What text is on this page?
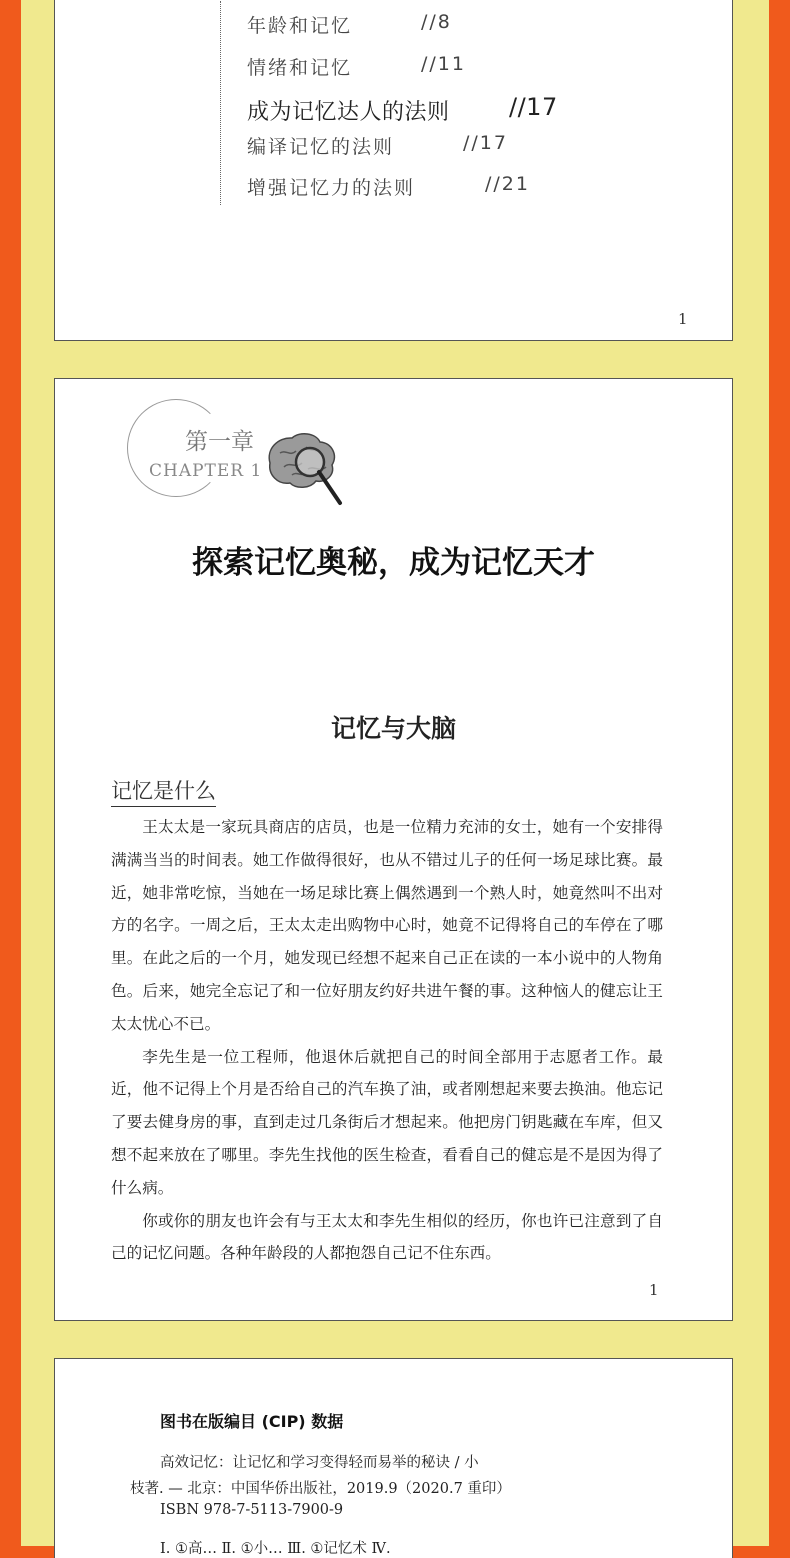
年龄和记忆	//8
情绪和记忆	//11
成为记忆达人的法则 //17
编译记忆的法则	//17
增强记忆力的法则	//21
1
第一章
CHAPTER 1
探索记忆奥秘，成为记忆天才
记忆与大脑
记忆是什么

王太太是一家玩具商店的店员，也是一位精力充沛的女士，她有一个安排得满满当当的时间表。她工作做得很好，也从不错过儿子的任何一场足球比赛。最近，她非常吃惊，当她在一场足球比赛上偶然遇到一个熟人时，她竟然叫不出对方的名字。一周之后，王太太走出购物中心时，她竟不记得将自己的车停在了哪里。在此之后的一个月，她发现已经想不起来自己正在读的一本小说中的人物角色。后来，她完全忘记了和一位好朋友约好共进午餐的事。这种恼人的健忘让王太太忧心不已。

李先生是一位工程师，他退休后就把自己的时间全部用于志愿者工作。最近，他不记得上个月是否给自己的汽车换了油，或者刚想起来要去换油。他忘记了要去健身房的事，直到走过几条街后才想起来。他把房门钥匙藏在车库，但又想不起来放在了哪里。李先生找他的医生检查，看看自己的健忘是不是因为得了什么病。

你或你的朋友也许会有与王太太和李先生相似的经历，你也许已注意到了自己的记忆问题。各种年龄段的人都抱怨自己记不住东西。

1
图书在版编目 (CIP) 数据
高效记忆：让记忆和学习变得轻而易举的秘诀 / 小
枝著. — 北京：中国华侨出版社，2019.9（2020.7 重印）
ISBN 978-7-5113-7900-9
Ⅰ. ①高… Ⅱ. ①小… Ⅲ. ①记忆术 Ⅳ.
